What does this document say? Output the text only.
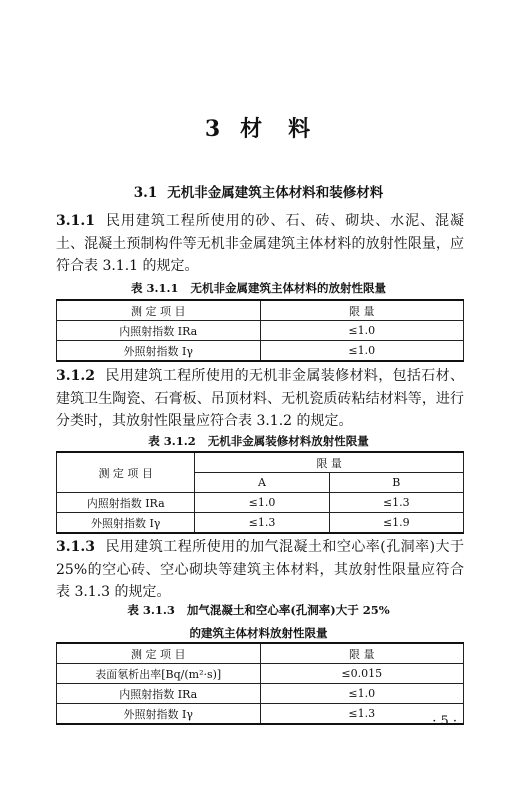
3 材 料
3.1 无机非金属建筑主体材料和装修材料
3.1.1 民用建筑工程所使用的砂、石、砖、砌块、水泥、混凝土、混凝土预制构件等无机非金属建筑主体材料的放射性限量，应符合表 3.1.1 的规定。
表 3.1.1 无机非金属建筑主体材料的放射性限量
测 定 项 目	限 量
内照射指数 IRa	≤1.0
外照射指数 Iγ	≤1.0
3.1.2 民用建筑工程所使用的无机非金属装修材料，包括石材、建筑卫生陶瓷、石膏板、吊顶材料、无机瓷质砖粘结材料等，进行分类时，其放射性限量应符合表 3.1.2 的规定。
表 3.1.2 无机非金属装修材料放射性限量
测 定 项 目	限 量	
	A	B
内照射指数 IRa	≤1.0	≤1.3
外照射指数 Iγ	≤1.3	≤1.9
3.1.3 民用建筑工程所使用的加气混凝土和空心率(孔洞率)大于 25%的空心砖、空心砌块等建筑主体材料，其放射性限量应符合表 3.1.3 的规定。
表 3.1.3 加气混凝土和空心率(孔洞率)大于 25%
的建筑主体材料放射性限量
测 定 项 目	限 量
表面氡析出率[Bq/(m²·s)]	≤0.015
内照射指数 IRa	≤1.0
外照射指数 Iγ	≤1.3
· 5 ·
